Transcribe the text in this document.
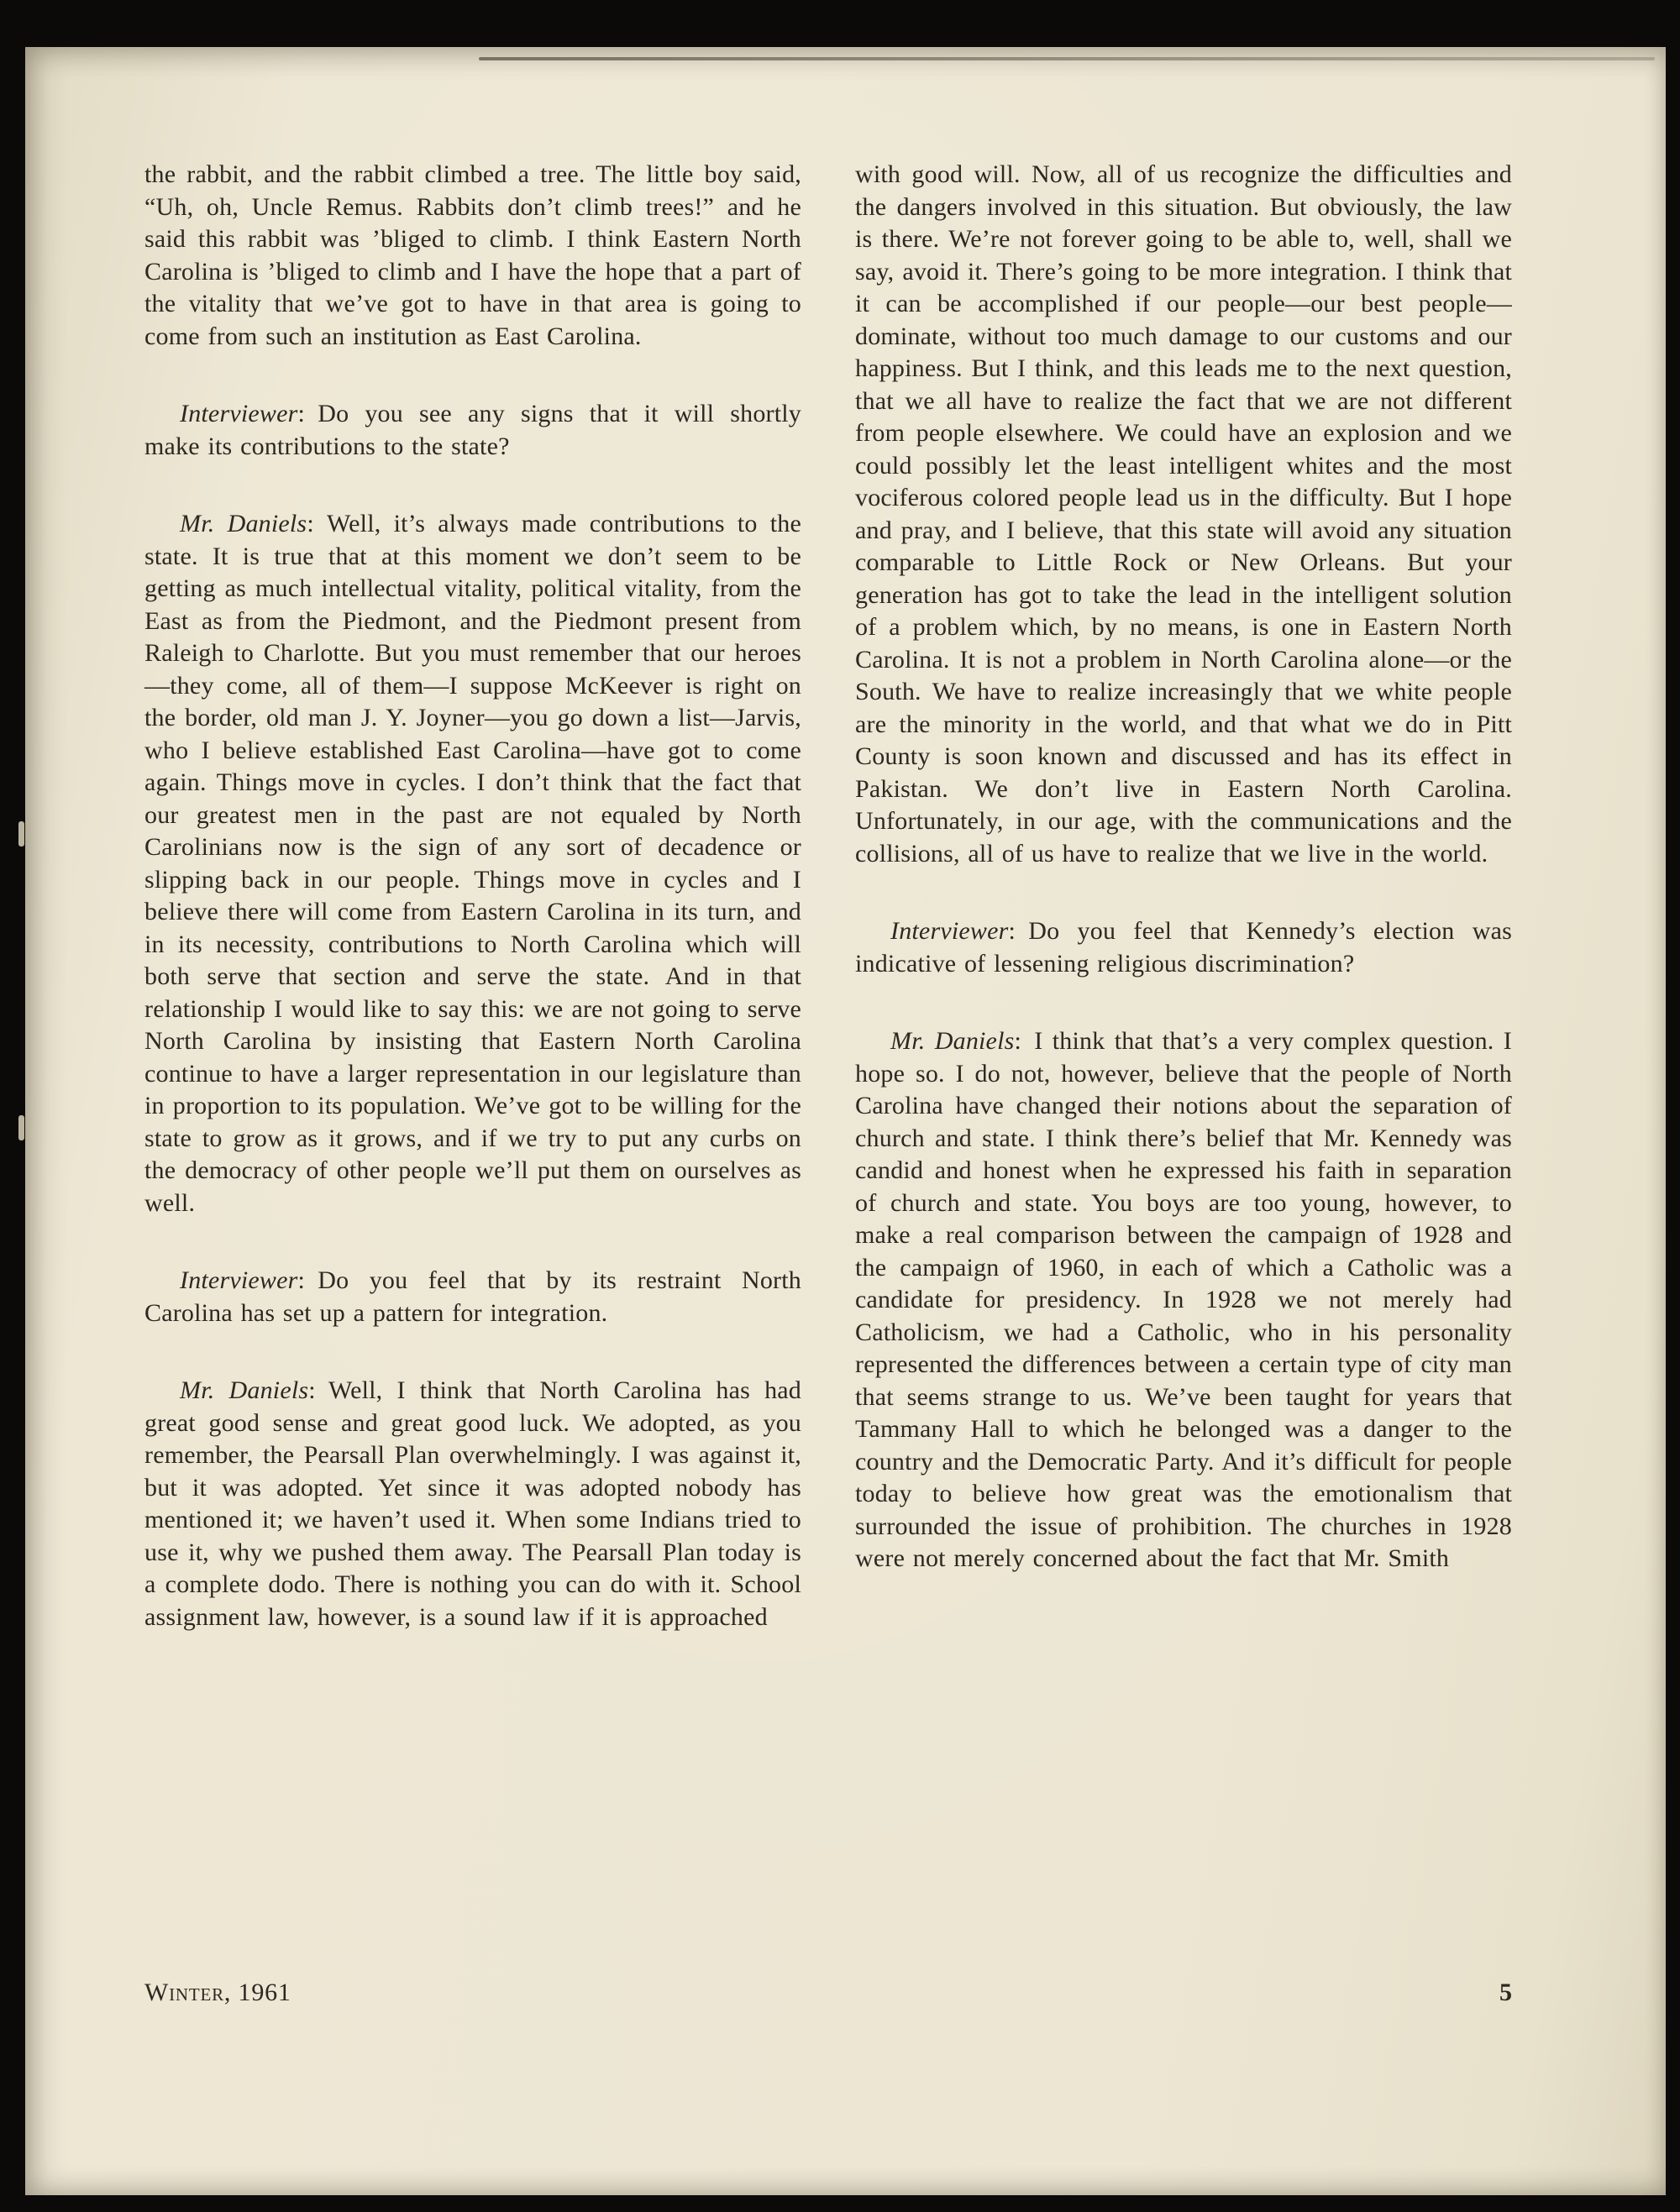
the rabbit, and the rabbit climbed a tree. The little boy said, “Uh, oh, Uncle Remus. Rabbits don’t climb trees!” and he said this rabbit was ’bliged to climb. I think Eastern North Carolina is ’bliged to climb and I have the hope that a part of the vitality that we’ve got to have in that area is going to come from such an institution as East Carolina.

Interviewer: Do you see any signs that it will shortly make its contributions to the state?

Mr. Daniels: Well, it’s always made contributions to the state. It is true that at this moment we don’t seem to be getting as much intellectual vitality, political vitality, from the East as from the Piedmont, and the Piedmont present from Raleigh to Charlotte. But you must remember that our heroes—they come, all of them—I suppose McKeever is right on the border, old man J. Y. Joyner—you go down a list—Jarvis, who I believe established East Carolina—have got to come again. Things move in cycles. I don’t think that the fact that our greatest men in the past are not equaled by North Carolinians now is the sign of any sort of decadence or slipping back in our people. Things move in cycles and I believe there will come from Eastern Carolina in its turn, and in its necessity, contributions to North Carolina which will both serve that section and serve the state. And in that relationship I would like to say this: we are not going to serve North Carolina by insisting that Eastern North Carolina continue to have a larger representation in our legislature than in proportion to its population. We’ve got to be willing for the state to grow as it grows, and if we try to put any curbs on the democracy of other people we’ll put them on ourselves as well.

Interviewer: Do you feel that by its restraint North Carolina has set up a pattern for integration.

Mr. Daniels: Well, I think that North Carolina has had great good sense and great good luck. We adopted, as you remember, the Pearsall Plan overwhelmingly. I was against it, but it was adopted. Yet since it was adopted nobody has mentioned it; we haven’t used it. When some Indians tried to use it, why we pushed them away. The Pearsall Plan today is a complete dodo. There is nothing you can do with it. School assignment law, however, is a sound law if it is approached

with good will. Now, all of us recognize the difficulties and the dangers involved in this situation. But obviously, the law is there. We’re not forever going to be able to, well, shall we say, avoid it. There’s going to be more integration. I think that it can be accomplished if our people—our best people—dominate, without too much damage to our customs and our happiness. But I think, and this leads me to the next question, that we all have to realize the fact that we are not different from people elsewhere. We could have an explosion and we could possibly let the least intelligent whites and the most vociferous colored people lead us in the difficulty. But I hope and pray, and I believe, that this state will avoid any situation comparable to Little Rock or New Orleans. But your generation has got to take the lead in the intelligent solution of a problem which, by no means, is one in Eastern North Carolina. It is not a problem in North Carolina alone—or the South. We have to realize increasingly that we white people are the minority in the world, and that what we do in Pitt County is soon known and discussed and has its effect in Pakistan. We don’t live in Eastern North Carolina. Unfortunately, in our age, with the communications and the collisions, all of us have to realize that we live in the world.

Interviewer: Do you feel that Kennedy’s election was indicative of lessening religious discrimination?

Mr. Daniels: I think that that’s a very complex question. I hope so. I do not, however, believe that the people of North Carolina have changed their notions about the separation of church and state. I think there’s belief that Mr. Kennedy was candid and honest when he expressed his faith in separation of church and state. You boys are too young, however, to make a real comparison between the campaign of 1928 and the campaign of 1960, in each of which a Catholic was a candidate for presidency. In 1928 we not merely had Catholicism, we had a Catholic, who in his personality represented the differences between a certain type of city man that seems strange to us. We’ve been taught for years that Tammany Hall to which he belonged was a danger to the country and the Democratic Party. And it’s difficult for people today to believe how great was the emotionalism that surrounded the issue of prohibition. The churches in 1928 were not merely concerned about the fact that Mr. Smith

Winter, 1961	5
